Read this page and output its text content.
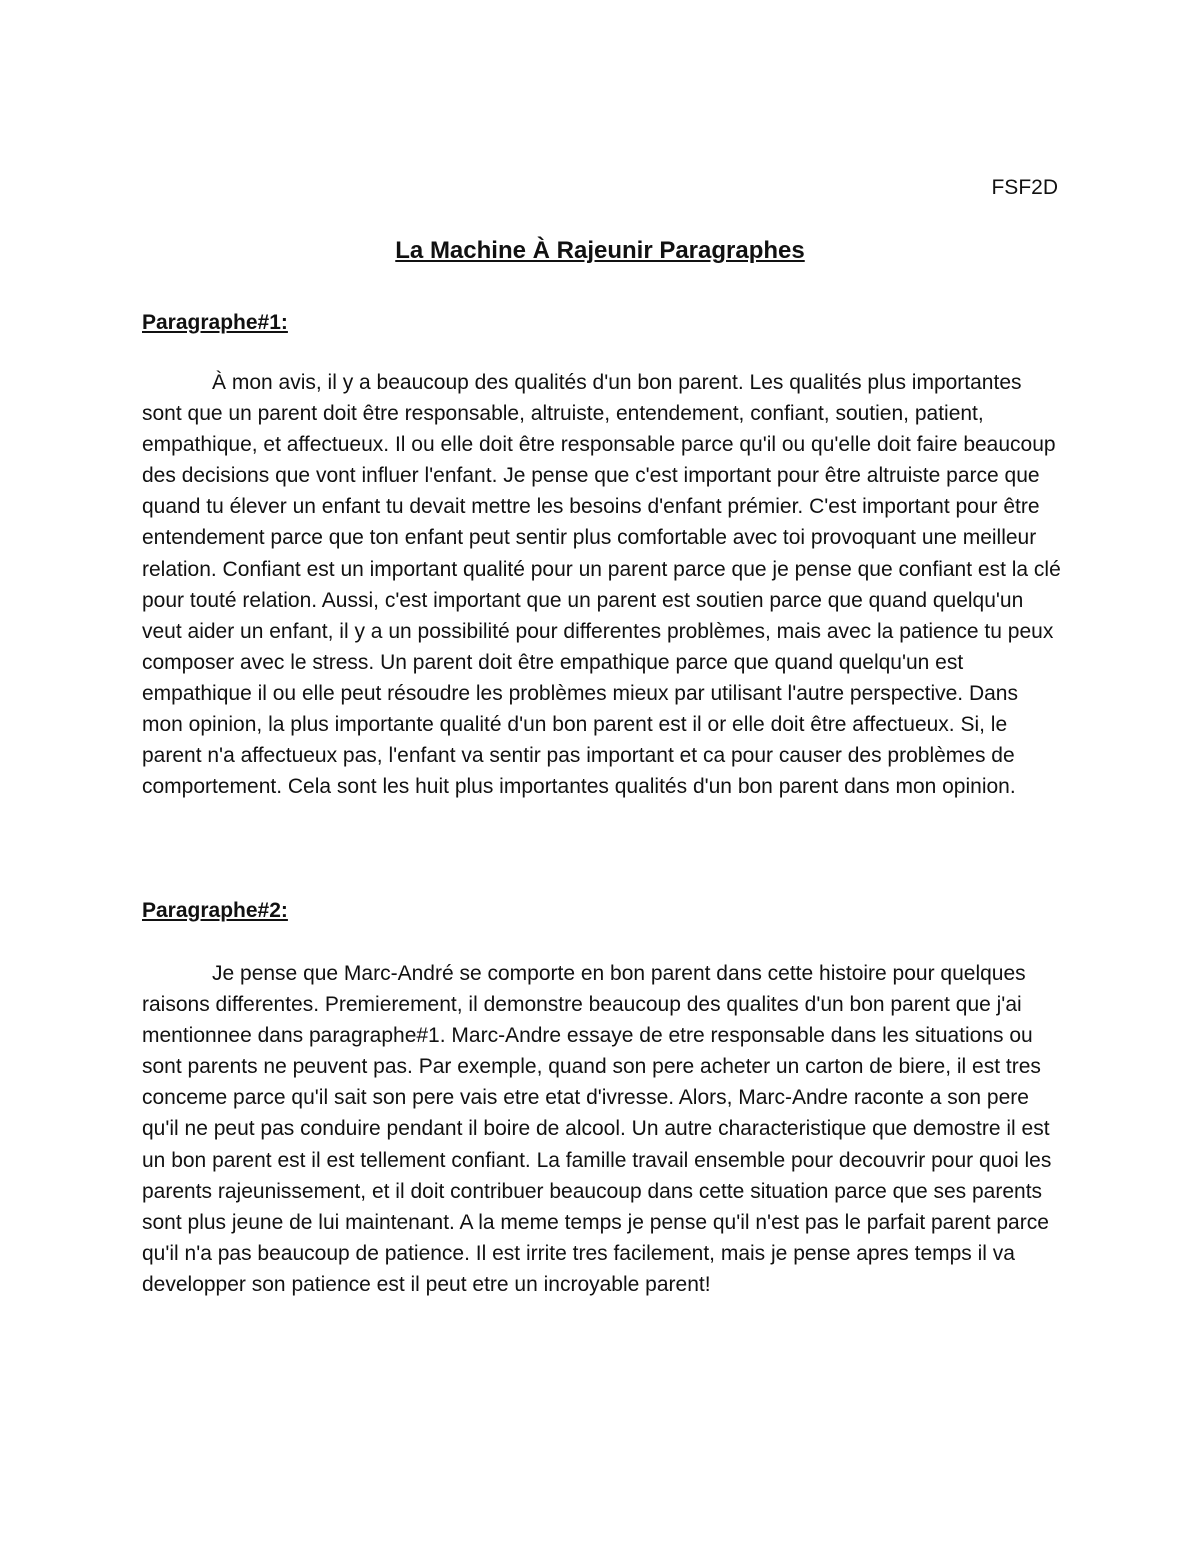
FSF2D
La Machine À Rajeunir Paragraphes
Paragraphe#1:

À mon avis, il y a beaucoup des qualités d'un bon parent. Les qualités plus importantes sont que un parent doit être responsable, altruiste, entendement, confiant, soutien, patient, empathique, et affectueux. Il ou elle doit être responsable parce qu'il ou qu'elle doit faire beaucoup des decisions que vont influer l'enfant. Je pense que c'est important pour être altruiste parce que quand tu élever un enfant tu devait mettre les besoins d'enfant prémier. C'est important pour être entendement parce que ton enfant peut sentir plus comfortable avec toi provoquant une meilleur relation. Confiant est un important qualité pour un parent parce que je pense que confiant est la clé pour touté relation. Aussi, c'est important que un parent est soutien parce que quand quelqu'un veut aider un enfant, il y a un possibilité pour differentes problèmes, mais avec la patience tu peux composer avec le stress. Un parent doit être empathique parce que quand quelqu'un est empathique il ou elle peut résoudre les problèmes mieux par utilisant l'autre perspective. Dans mon opinion, la plus importante qualité d'un bon parent est il or elle doit être affectueux. Si, le parent n'a affectueux pas, l'enfant va sentir pas important et ca pour causer des problèmes de comportement. Cela sont les huit plus importantes qualités d'un bon parent dans mon opinion.

Paragraphe#2:

Je pense que Marc-André se comporte en bon parent dans cette histoire pour quelques raisons differentes. Premierement, il demonstre beaucoup des qualites d'un bon parent que j'ai mentionnee dans paragraphe#1. Marc-Andre essaye de etre responsable dans les situations ou sont parents ne peuvent pas. Par exemple, quand son pere acheter un carton de biere, il est tres conceme parce qu'il sait son pere vais etre etat d'ivresse. Alors, Marc-Andre raconte a son pere qu'il ne peut pas conduire pendant il boire de alcool. Un autre characteristique que demostre il est un bon parent est il est tellement confiant. La famille travail ensemble pour decouvrir pour quoi les parents rajeunissement, et il doit contribuer beaucoup dans cette situation parce que ses parents sont plus jeune de lui maintenant. A la meme temps je pense qu'il n'est pas le parfait parent parce qu'il n'a pas beaucoup de patience. Il est irrite tres facilement, mais je pense apres temps il va developper son patience est il peut etre un incroyable parent!
